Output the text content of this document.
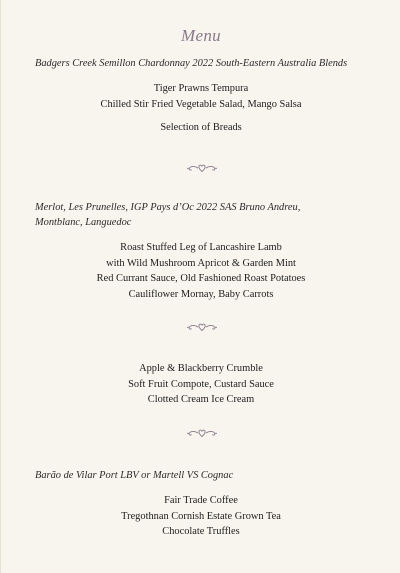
Menu
Badgers Creek Semillon Chardonnay 2022 South-Eastern Australia Blends
Tiger Prawns Tempura
Chilled Stir Fried Vegetable Salad, Mango Salsa
Selection of Breads
Merlot, Les Prunelles, IGP Pays d’Oc 2022 SAS Bruno Andreu,
Montblanc, Languedoc
Roast Stuffed Leg of Lancashire Lamb
with Wild Mushroom Apricot & Garden Mint
Red Currant Sauce, Old Fashioned Roast Potatoes
Cauliflower Mornay, Baby Carrots
Apple & Blackberry Crumble
Soft Fruit Compote, Custard Sauce
Clotted Cream Ice Cream
Barão de Vilar Port LBV or Martell VS Cognac
Fair Trade Coffee
Tregothnan Cornish Estate Grown Tea
Chocolate Truffles
